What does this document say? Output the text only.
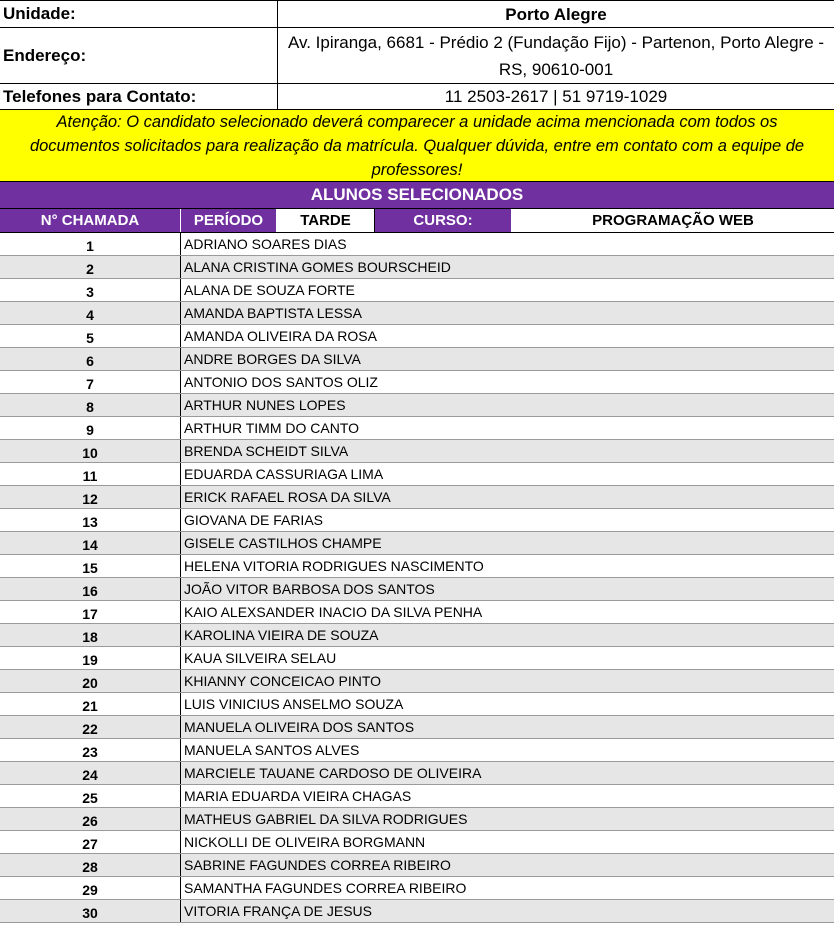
Unidade:	Porto Alegre
Endereço:
Av. Ipiranga, 6681 - Prédio 2 (Fundação Fijo) - Partenon, Porto Alegre - RS, 90610-001
Telefones para Contato:	11 2503-2617 | 51 9719-1029
Atenção: O candidato selecionado deverá comparecer a unidade acima mencionada com todos os documentos solicitados para realização da matrícula. Qualquer dúvida, entre em contato com a equipe de professores!
ALUNOS SELECIONADOS
N° CHAMADA	PERÍODO	TARDE	CURSO:	PROGRAMAÇÃO WEB
1	ADRIANO SOARES DIAS
2	ALANA CRISTINA GOMES BOURSCHEID
3	ALANA DE SOUZA FORTE
4	AMANDA BAPTISTA LESSA
5	AMANDA OLIVEIRA DA ROSA
6	ANDRE BORGES DA SILVA
7	ANTONIO DOS SANTOS OLIZ
8	ARTHUR NUNES LOPES
9	ARTHUR TIMM DO CANTO
10	BRENDA SCHEIDT SILVA
11	EDUARDA CASSURIAGA LIMA
12	ERICK RAFAEL ROSA DA SILVA
13	GIOVANA DE FARIAS
14	GISELE CASTILHOS CHAMPE
15	HELENA VITORIA RODRIGUES NASCIMENTO
16	JOÃO VITOR BARBOSA DOS SANTOS
17	KAIO ALEXSANDER INACIO DA SILVA PENHA
18	KAROLINA VIEIRA DE SOUZA
19	KAUA SILVEIRA SELAU
20	KHIANNY CONCEICAO PINTO
21	LUIS VINICIUS ANSELMO SOUZA
22	MANUELA OLIVEIRA DOS SANTOS
23	MANUELA SANTOS ALVES
24	MARCIELE TAUANE CARDOSO DE OLIVEIRA
25	MARIA EDUARDA VIEIRA CHAGAS
26	MATHEUS GABRIEL DA SILVA RODRIGUES
27	NICKOLLI DE OLIVEIRA BORGMANN
28	SABRINE FAGUNDES CORREA RIBEIRO
29	SAMANTHA FAGUNDES CORREA RIBEIRO
30	VITORIA FRANÇA DE JESUS
